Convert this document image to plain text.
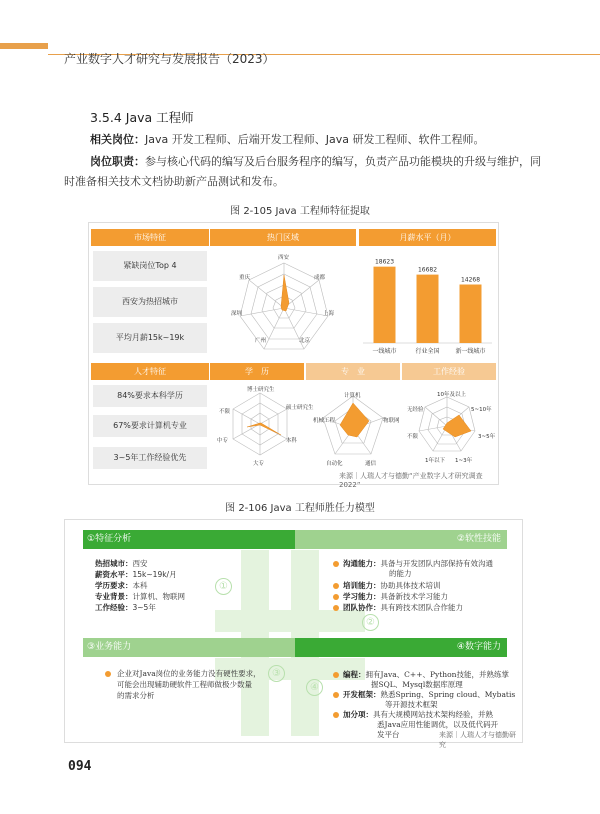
产业数字人才研究与发展报告（2023）
3.5.4 Java 工程师
相关岗位：Java 开发工程师、后端开发工程师、Java 研发工程师、软件工程师。
岗位职责：参与核心代码的编写及后台服务程序的编写，负责产品功能模块的升级与维护，同
时准备相关技术文档协助新产品测试和发布。
图 2-105 Java 工程师特征提取
市场特征
紧缺岗位Top 4
西安为热招城市
平均月薪15k~19k
热门区域	月薪水平（月）
西安
成都
上海
北京
广州
深圳
重庆
18623
一线城市
16682
行业全国
14268
新一线城市
人才特征	学　历	专　业	工作经验
84%要求本科学历
67%要求计算机专业
3~5年工作经验优先
博士研究生
硕士研究生
本科
大专
中专
不限
计算机
物联网
通信
自动化
机械工程
10年及以上
5~10年
3~5年
1~3年
1年以下
不限
无经验
来源｜人瑞人才与德勤“产业数字人才研究调查 2022”
图 2-106 Java 工程师胜任力模型
①特征分析	②软性技能
③业务能力	④数字能力
①
②
③
④
热招城市：西安
薪资水平：15k~19k/月
学历要求：本科
专业背景：计算机、物联网
工作经验：3~5年
沟通能力：具备与开发团队内部保持有效沟通
的能力
培训能力：协助具体技术培训
学习能力：具备新技术学习能力
团队协作：具有跨技术团队合作能力
企业对Java岗位的业务能力没有硬性要求，
可能会出现辅助硬软件工程师做极少数量
的需求分析
编程：拥有Java、C++、Python技能，并熟练掌
握SQL、Mysql数据库原理
开发框架：熟悉Spring、Spring cloud、Mybatis
等开源技术框架
加分项：具有大规模网站技术架构经验，并熟
悉Java应用性能调优，以及低代码开
发平台	来源｜人瑞人才与德勤研究
094
